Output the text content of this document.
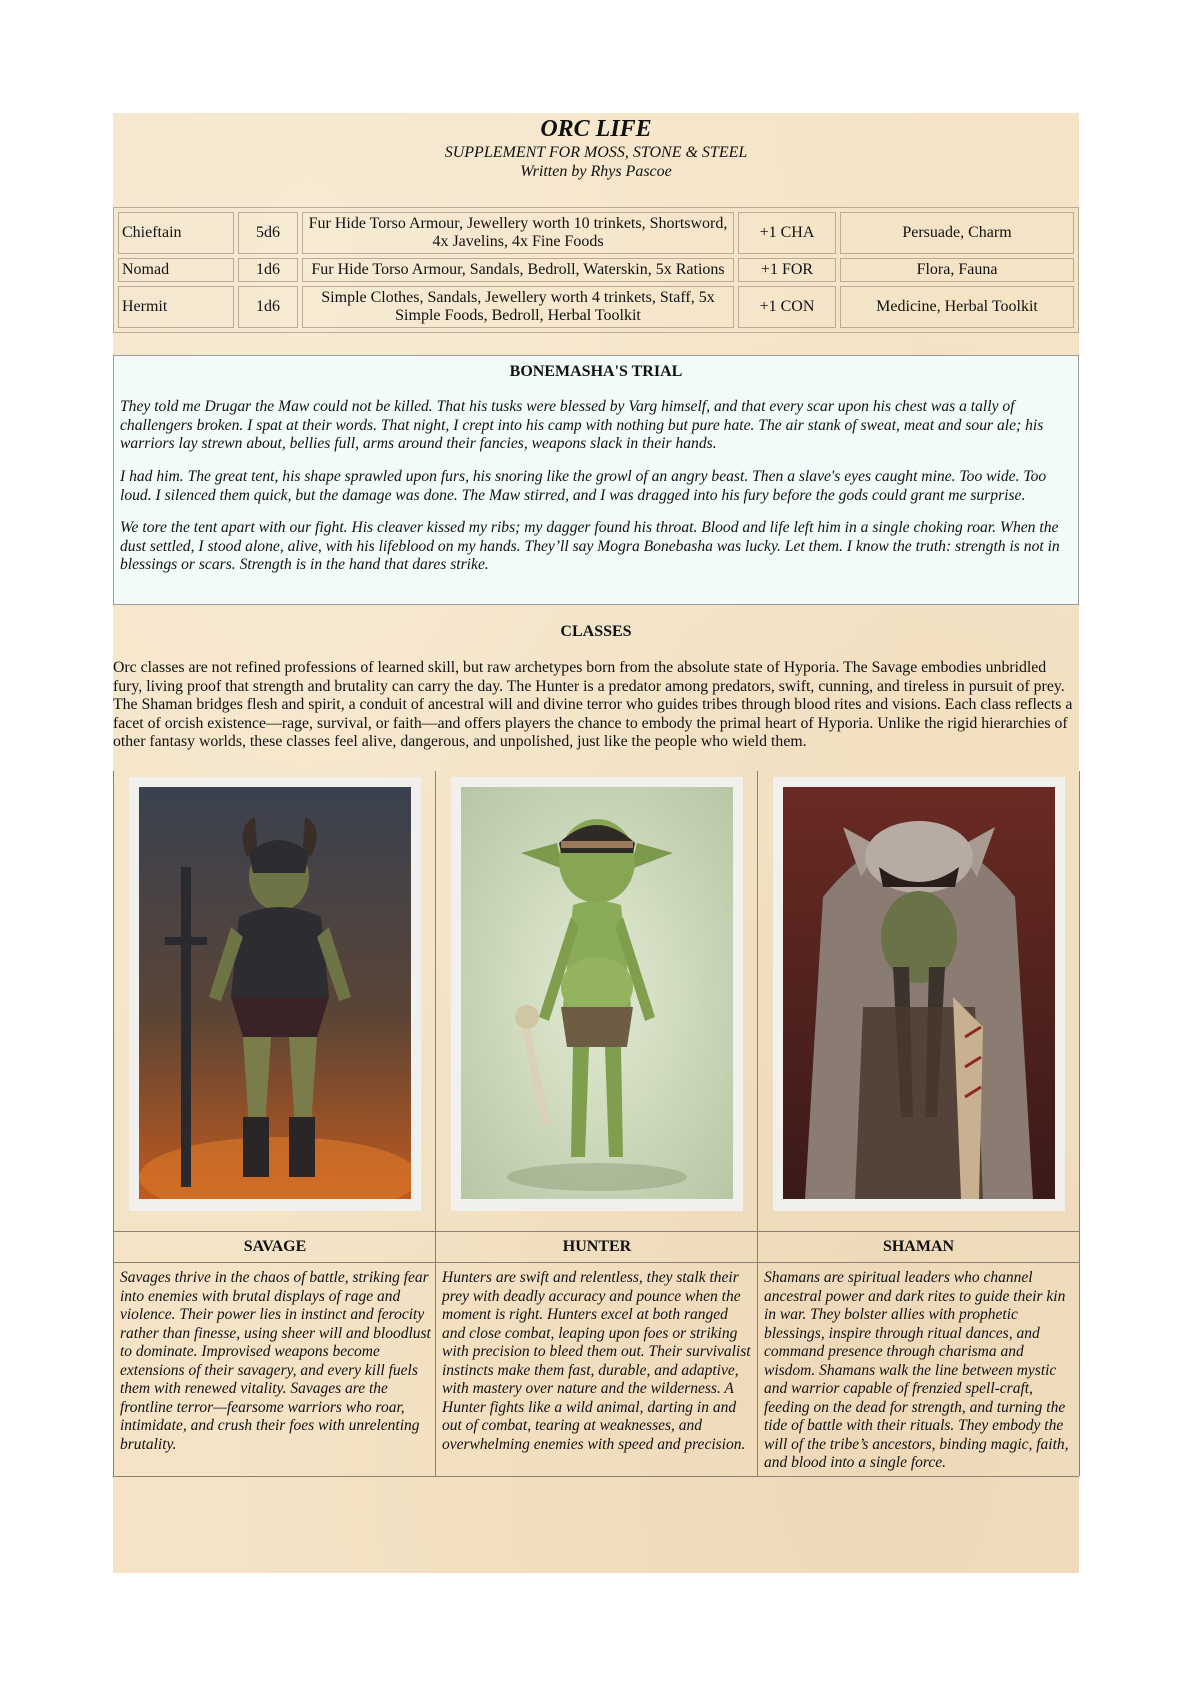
ORC LIFE
SUPPLEMENT FOR MOSS, STONE & STEEL
Written by Rhys Pascoe
Chieftain	5d6	Fur Hide Torso Armour, Jewellery worth 10 trinkets, Shortsword, 4x Javelins, 4x Fine Foods	+1 CHA	Persuade, Charm
Nomad	1d6	Fur Hide Torso Armour, Sandals, Bedroll, Waterskin, 5x Rations	+1 FOR	Flora, Fauna
Hermit	1d6	Simple Clothes, Sandals, Jewellery worth 4 trinkets, Staff, 5x Simple Foods, Bedroll, Herbal Toolkit	+1 CON	Medicine, Herbal Toolkit
BONEMASHA'S TRIAL

They told me Drugar the Maw could not be killed. That his tusks were blessed by Varg himself, and that every scar upon his chest was a tally of challengers broken. I spat at their words. That night, I crept into his camp with nothing but pure hate. The air stank of sweat, meat and sour ale; his warriors lay strewn about, bellies full, arms around their fancies, weapons slack in their hands.

I had him. The great tent, his shape sprawled upon furs, his snoring like the growl of an angry beast. Then a slave's eyes caught mine. Too wide. Too loud. I silenced them quick, but the damage was done. The Maw stirred, and I was dragged into his fury before the gods could grant me surprise.

We tore the tent apart with our fight. His cleaver kissed my ribs; my dagger found his throat. Blood and life left him in a single choking roar. When the dust settled, I stood alone, alive, with his lifeblood on my hands. They’ll say Mogra Bonebasha was lucky. Let them. I know the truth: strength is not in blessings or scars. Strength is in the hand that dares strike.

CLASSES
Orc classes are not refined professions of learned skill, but raw archetypes born from the absolute state of Hyporia. The Savage embodies unbridled fury, living proof that strength and brutality can carry the day. The Hunter is a predator among predators, swift, cunning, and tireless in pursuit of prey. The Shaman bridges flesh and spirit, a conduit of ancestral will and divine terror who guides tribes through blood rites and visions. Each class reflects a facet of orcish existence—rage, survival, or faith—and offers players the chance to embody the primal heart of Hyporia. Unlike the rigid hierarchies of other fantasy worlds, these classes feel alive, dangerous, and unpolished, just like the people who wield them.
SAVAGE
Savages thrive in the chaos of battle, striking fear into enemies with brutal displays of rage and violence. Their power lies in instinct and ferocity rather than finesse, using sheer will and bloodlust to dominate. Improvised weapons become extensions of their savagery, and every kill fuels them with renewed vitality. Savages are the frontline terror—fearsome warriors who roar, intimidate, and crush their foes with unrelenting brutality.
HUNTER
Hunters are swift and relentless, they stalk their prey with deadly accuracy and pounce when the moment is right. Hunters excel at both ranged and close combat, leaping upon foes or striking with precision to bleed them out. Their survivalist instincts make them fast, durable, and adaptive, with mastery over nature and the wilderness. A Hunter fights like a wild animal, darting in and out of combat, tearing at weaknesses, and overwhelming enemies with speed and precision.
SHAMAN
Shamans are spiritual leaders who channel ancestral power and dark rites to guide their kin in war. They bolster allies with prophetic blessings, inspire through ritual dances, and command presence through charisma and wisdom. Shamans walk the line between mystic and warrior capable of frenzied spell-craft, feeding on the dead for strength, and turning the tide of battle with their rituals. They embody the will of the tribe’s ancestors, binding magic, faith, and blood into a single force.
